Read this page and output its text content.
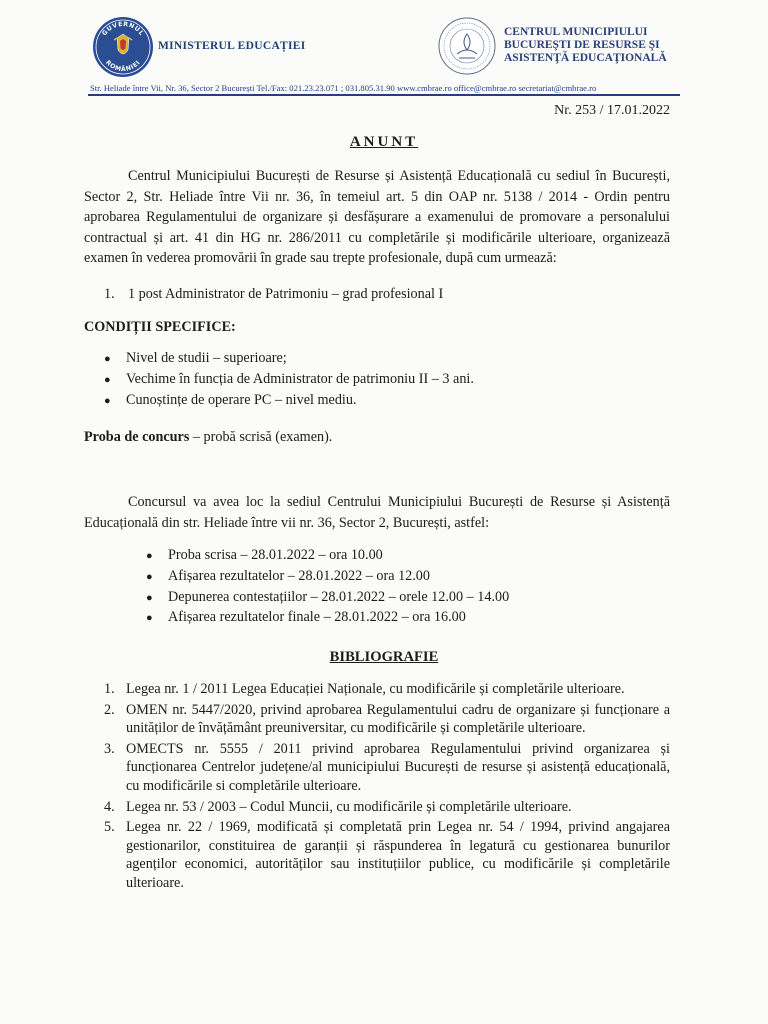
GUVERNUL
ROMÂNIEI
MINISTERUL EDUCAȚIEI
CENTRUL MUNICIPIULUI
BUCUREŞTI DE RESURSE ŞI
ASISTENŢĂ EDUCAŢIONALĂ
Str. Heliade între Vii, Nr. 36, Sector 2 București Tel./Fax: 021.23.23.071 ; 031.805.31.90 www.cmbrae.ro office@cmbrae.ro secretariat@cmbrae.ro
Nr. 253 / 17.01.2022
ANUNT

Centrul Municipiului București de Resurse și Asistență Educațională cu sediul în București, Sector 2, Str. Heliade între Vii nr. 36, în temeiul art. 5 din OAP nr. 5138 / 2014 - Ordin pentru aprobarea Regulamentului de organizare și desfășurare a examenului de promovare a personalului contractual și art. 41 din HG nr. 286/2011 cu completările și modificările ulterioare, organizează examen în vederea promovării în grade sau trepte profesionale, după cum urmează:

1. 1 post Administrator de Patrimoniu – grad profesional I
CONDIȚII SPECIFICE:
● Nivel de studii – superioare;
● Vechime în funcția de Administrator de patrimoniu II – 3 ani.
● Cunoștințe de operare PC – nivel mediu.
Proba de concurs – probă scrisă (examen).

Concursul va avea loc la sediul Centrului Municipiului București de Resurse și Asistență Educațională din str. Heliade între vii nr. 36, Sector 2, București, astfel:

● Proba scrisa – 28.01.2022 – ora 10.00
● Afișarea rezultatelor – 28.01.2022 – ora 12.00
● Depunerea contestațiilor – 28.01.2022 – orele 12.00 – 14.00
● Afișarea rezultatelor finale – 28.01.2022 – ora 16.00
BIBLIOGRAFIE
1. Legea nr. 1 / 2011 Legea Educației Naționale, cu modificările și completările ulterioare.
2. OMEN nr. 5447/2020, privind aprobarea Regulamentului cadru de organizare și funcționare a unităților de învățământ preuniversitar, cu modificările și completările ulterioare.
3. OMECTS nr. 5555 / 2011 privind aprobarea Regulamentului privind organizarea și funcționarea Centrelor județene/al municipiului București de resurse și asistență educațională, cu modificările si completările ulterioare.
4. Legea nr. 53 / 2003 – Codul Muncii, cu modificările și completările ulterioare.
5. Legea nr. 22 / 1969, modificată și completată prin Legea nr. 54 / 1994, privind angajarea gestionarilor, constituirea de garanții și răspunderea în legatură cu gestionarea bunurilor agenților economici, autorităților sau instituțiilor publice, cu modificările și completările ulterioare.
